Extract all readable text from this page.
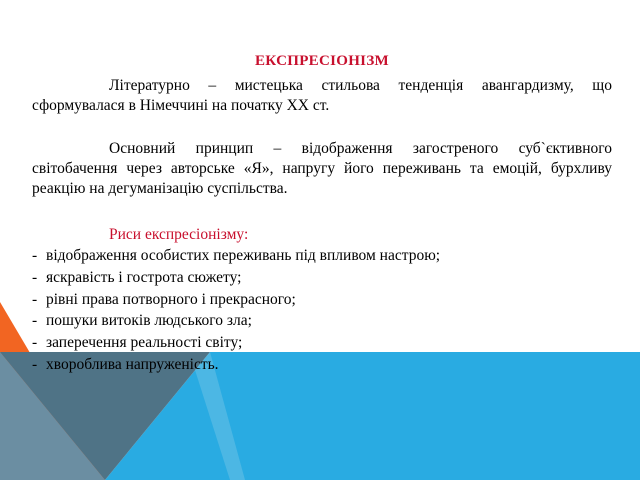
ЕКСПРЕСІОНІЗМ

Літературно – мистецька стильова тенденція авангардизму, що сформувалася в Німеччині на початку ХХ ст.

Основний принцип – відображення загостреного суб`єктивного світобачення через авторське «Я», напругу його переживань та емоцій, бурхливу реакцію на дегуманізацію суспільства.

Риси експресіонізму:

- відображення особистих переживань під впливом настрою;
- яскравість і гострота сюжету;
- рівні права потворного і прекрасного;
- пошуки витоків людського зла;
- заперечення реальності світу;
- хвороблива напруженість.
